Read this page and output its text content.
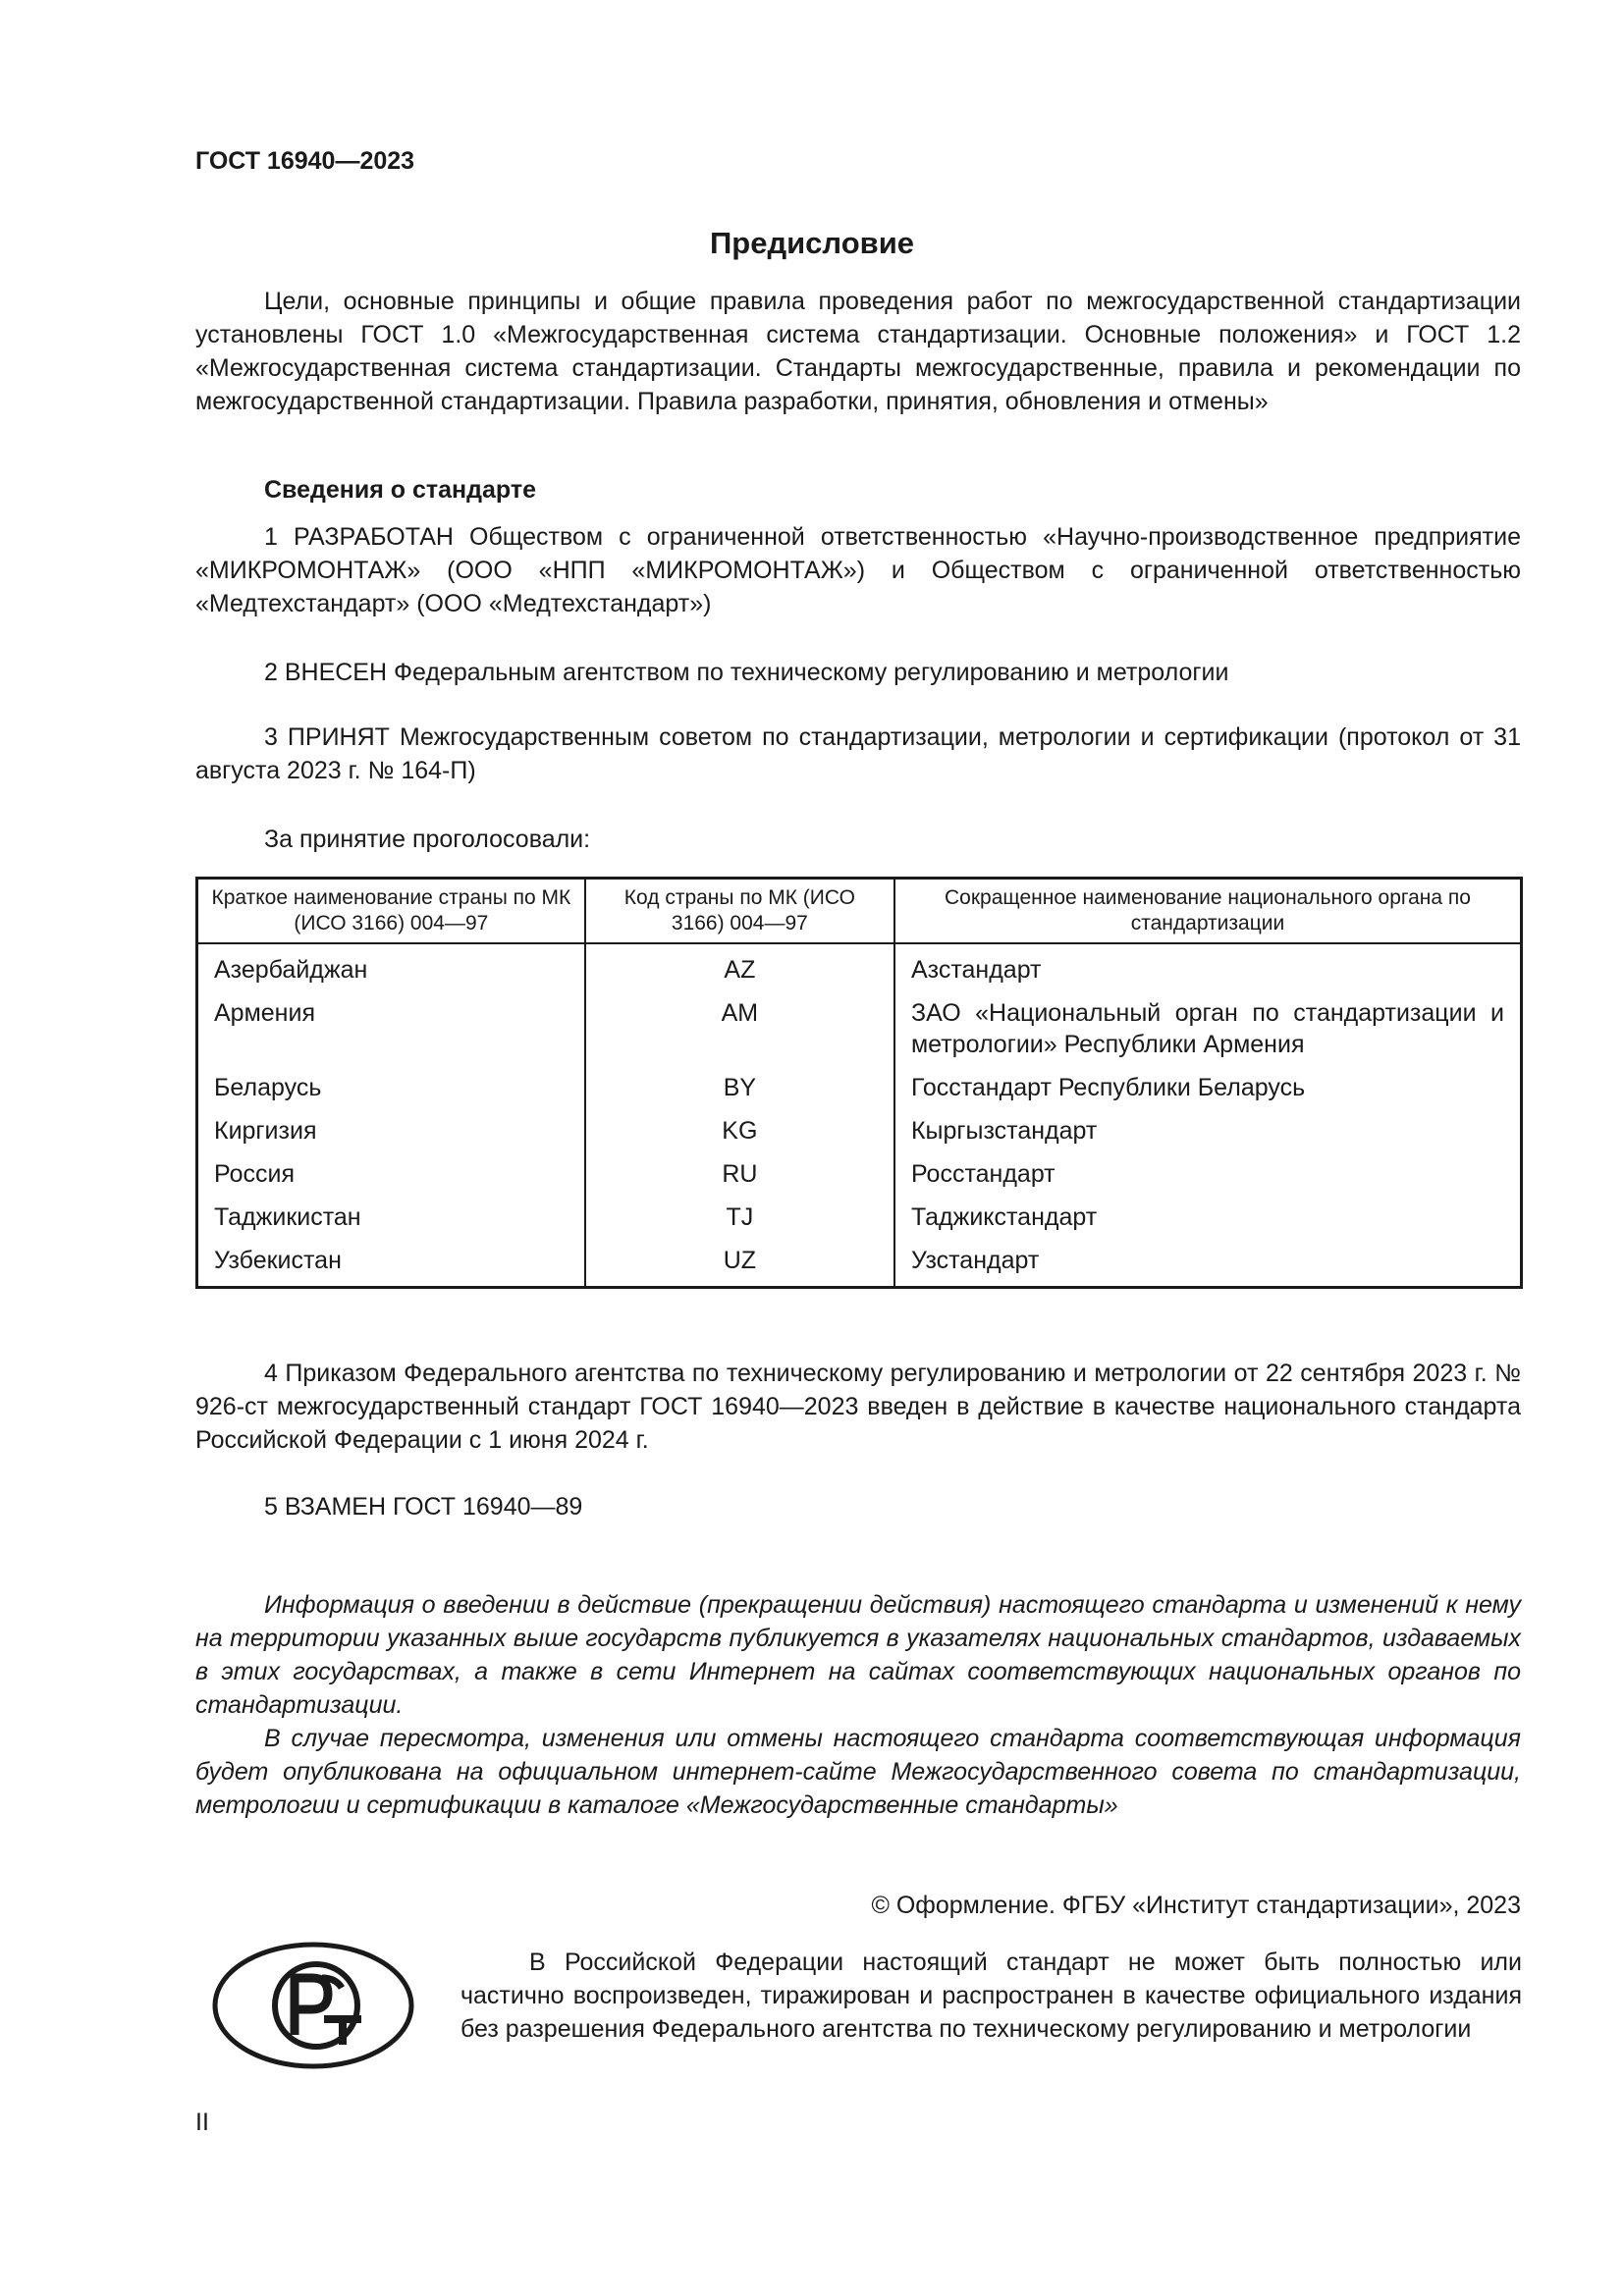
ГОСТ 16940—2023
Предисловие

Цели, основные принципы и общие правила проведения работ по межгосударственной стандартизации установлены ГОСТ 1.0 «Межгосударственная система стандартизации. Основные положения» и ГОСТ 1.2 «Межгосударственная система стандартизации. Стандарты межгосударственные, правила и рекомендации по межгосударственной стандартизации. Правила разработки, принятия, обновления и отмены»

Сведения о стандарте

1 РАЗРАБОТАН Обществом с ограниченной ответственностью «Научно-производственное предприятие «МИКРОМОНТАЖ» (ООО «НПП «МИКРОМОНТАЖ») и Обществом с ограниченной ответственностью «Медтехстандарт» (ООО «Медтехстандарт»)

2 ВНЕСЕН Федеральным агентством по техническому регулированию и метрологии

3 ПРИНЯТ Межгосударственным советом по стандартизации, метрологии и сертификации (протокол от 31 августа 2023 г. № 164-П)

За принятие проголосовали:

Краткое наименование страны по МК (ИСО 3166) 004—97	Код страны по МК (ИСО 3166) 004—97	Сокращенное наименование национального органа по стандартизации
Азербайджан	AZ	Азстандарт
Армения	AM	ЗАО «Национальный орган по стандартизации и метрологии» Республики Армения
Беларусь	BY	Госстандарт Республики Беларусь
Киргизия	KG	Кыргызстандарт
Россия	RU	Росстандарт
Таджикистан	TJ	Таджикстандарт
Узбекистан	UZ	Узстандарт

4 Приказом Федерального агентства по техническому регулированию и метрологии от 22 сентября 2023 г. № 926-ст межгосударственный стандарт ГОСТ 16940—2023 введен в действие в качестве национального стандарта Российской Федерации с 1 июня 2024 г.

5 ВЗАМЕН ГОСТ 16940—89

Информация о введении в действие (прекращении действия) настоящего стандарта и изменений к нему на территории указанных выше государств публикуется в указателях национальных стандартов, издаваемых в этих государствах, а также в сети Интернет на сайтах соответствующих национальных органов по стандартизации.

В случае пересмотра, изменения или отмены настоящего стандарта соответствующая информация будет опубликована на официальном интернет-сайте Межгосударственного совета по стандартизации, метрологии и сертификации в каталоге «Межгосударственные стандарты»

© Оформление. ФГБУ «Институт стандартизации», 2023

В Российской Федерации настоящий стандарт не может быть полностью или частично воспроизведен, тиражирован и распространен в качестве официального издания без разрешения Федерального агентства по техническому регулированию и метрологии

II
